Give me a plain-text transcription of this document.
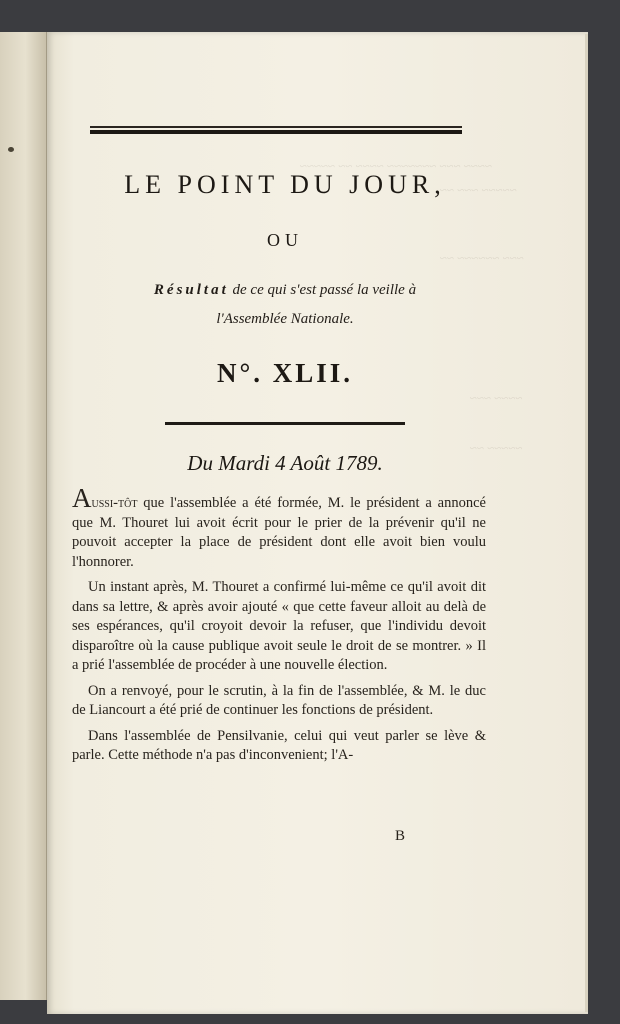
~~~~ ~~~ ~~~~~~~ ~~~~ ~~ ~~~~~
~~~~~ ~~~ ~~
~~~ ~~~~~~ ~~
~~~~ ~~~
~~~~~ ~~
LE POINT DU JOUR,
OU
Résultat de ce qui s'est passé la veille à
l'Assemblée Nationale.
N°. XLII.
Du Mardi 4 Août 1789.

Aussi-tôt que l'assemblée a été formée, M. le président a annoncé que M. Thouret lui avoit écrit pour le prier de la prévenir qu'il ne pouvoit accepter la place de président dont elle avoit bien voulu l'honnorer.

Un instant après, M. Thouret a confirmé lui-même ce qu'il avoit dit dans sa lettre, & après avoir ajouté « que cette faveur alloit au delà de ses espérances, qu'il croyoit devoir la refuser, que l'individu devoit disparoître où la cause publique avoit seule le droit de se montrer. » Il a prié l'assemblée de procéder à une nouvelle élection.

On a renvoyé, pour le scrutin, à la fin de l'assemblée, & M. le duc de Liancourt a été prié de continuer les fonctions de président.

Dans l'assemblée de Pensilvanie, celui qui veut parler se lève & parle. Cette méthode n'a pas d'inconvenient; l'A-

B
